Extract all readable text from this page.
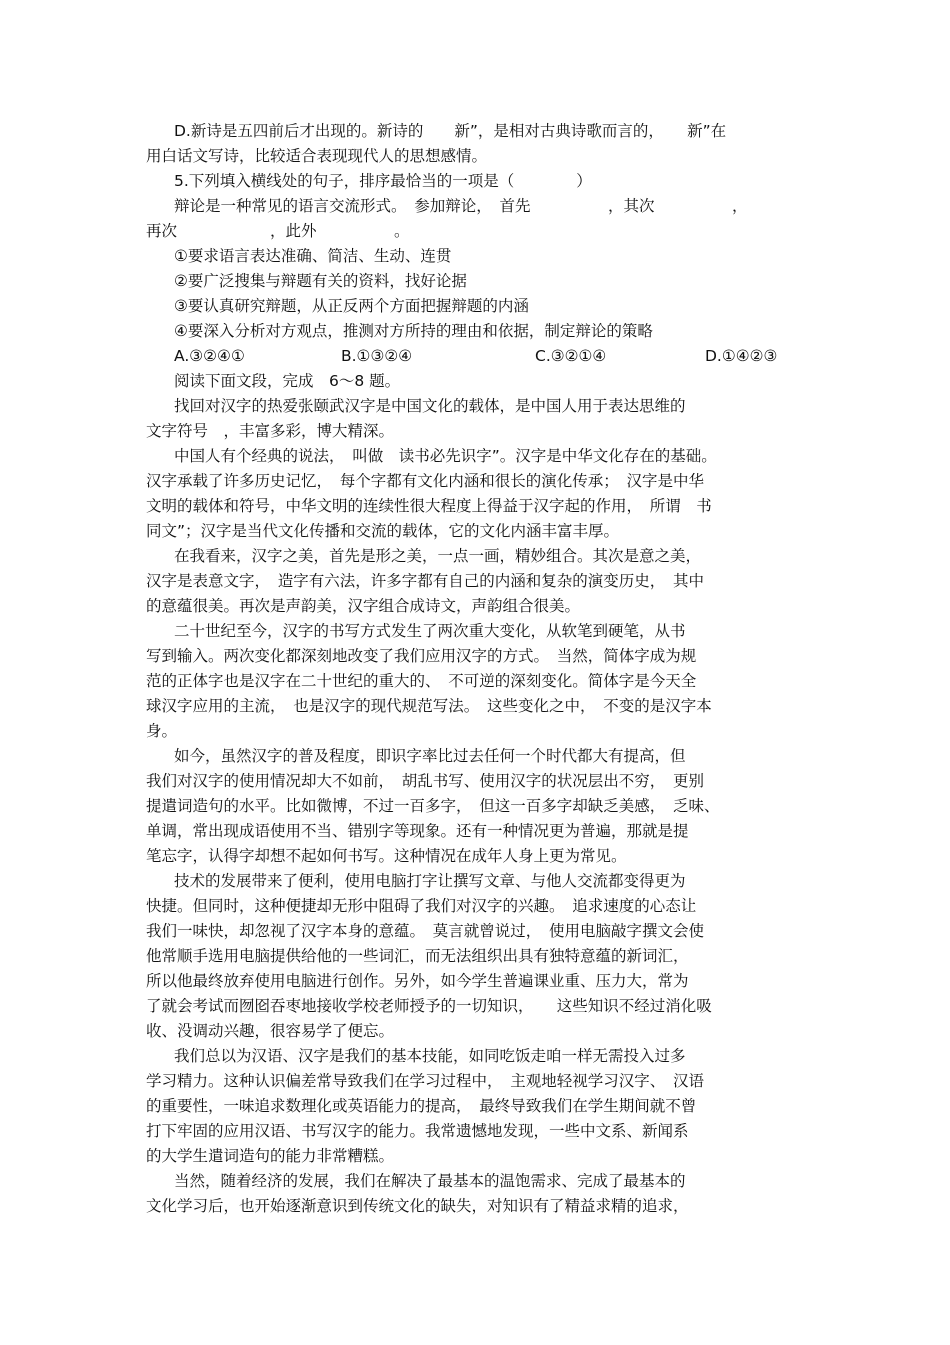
D.新诗是五四前后才出现的。新诗的　　新”，是相对古典诗歌而言的，　　新”在
用白话文写诗，比较适合表现现代人的思想感情。
5.下列填入横线处的句子，排序最恰当的一项是（　　　　）
辩论是一种常见的语言交流形式。　参加辩论，　首先　　　　　，其次　　　　　，
再次　　　　　　，此外　　　　　。
①要求语言表达准确、简洁、生动、连贯
②要广泛搜集与辩题有关的资料，找好论据
③要认真研究辩题，从正反两个方面把握辩题的内涵
④要深入分析对方观点，推测对方所持的理由和依据，制定辩论的策略
A.③②④①	B.①③②④	C.③②①④	D.①④②③
阅读下面文段，完成　6～8 题。
找回对汉字的热爱张颐武汉字是中国文化的载体，是中国人用于表达思维的
文字符号　，丰富多彩，博大精深。
中国人有个经典的说法，　叫做　读书必先识字”。汉字是中华文化存在的基础。
汉字承载了许多历史记忆，　每个字都有文化内涵和很长的演化传承；　汉字是中华
文明的载体和符号，中华文明的连续性很大程度上得益于汉字起的作用，　所谓　书
同文”；汉字是当代文化传播和交流的载体，它的文化内涵丰富丰厚。
在我看来，汉字之美，首先是形之美，一点一画，精妙组合。其次是意之美，
汉字是表意文字，　造字有六法，许多字都有自己的内涵和复杂的演变历史，　其中
的意蕴很美。再次是声韵美，汉字组合成诗文，声韵组合很美。
二十世纪至今，汉字的书写方式发生了两次重大变化，从软笔到硬笔，从书
写到输入。两次变化都深刻地改变了我们应用汉字的方式。　当然，简体字成为规
范的正体字也是汉字在二十世纪的重大的、　不可逆的深刻变化。简体字是今天全
球汉字应用的主流，　也是汉字的现代规范写法。　这些变化之中，　不变的是汉字本
身。
如今，虽然汉字的普及程度，即识字率比过去任何一个时代都大有提高，但
我们对汉字的使用情况却大不如前，　胡乱书写、使用汉字的状况层出不穷，　更别
提遣词造句的水平。比如微博，不过一百多字，　但这一百多字却缺乏美感，　乏味、
单调，常出现成语使用不当、错别字等现象。还有一种情况更为普遍，那就是提
笔忘字，认得字却想不起如何书写。这种情况在成年人身上更为常见。
技术的发展带来了便利，使用电脑打字让撰写文章、与他人交流都变得更为
快捷。但同时，这种便捷却无形中阻碍了我们对汉字的兴趣。　追求速度的心态让
我们一味快，却忽视了汉字本身的意蕴。　莫言就曾说过，　使用电脑敲字撰文会使
他常顺手选用电脑提供给他的一些词汇，而无法组织出具有独特意蕴的新词汇，
所以他最终放弃使用电脑进行创作。另外，如今学生普遍课业重、压力大，常为
了就会考试而囫囵吞枣地接收学校老师授予的一切知识，　　这些知识不经过消化吸
收、没调动兴趣，很容易学了便忘。
我们总以为汉语、汉字是我们的基本技能，如同吃饭走咱一样无需投入过多
学习精力。这种认识偏差常导致我们在学习过程中，　主观地轻视学习汉字、　汉语
的重要性，一味追求数理化或英语能力的提高，　最终导致我们在学生期间就不曾
打下牢固的应用汉语、书写汉字的能力。我常遗憾地发现，一些中文系、新闻系
的大学生遣词造句的能力非常糟糕。
当然，随着经济的发展，我们在解决了最基本的温饱需求、完成了最基本的
文化学习后，也开始逐渐意识到传统文化的缺失，对知识有了精益求精的追求，
